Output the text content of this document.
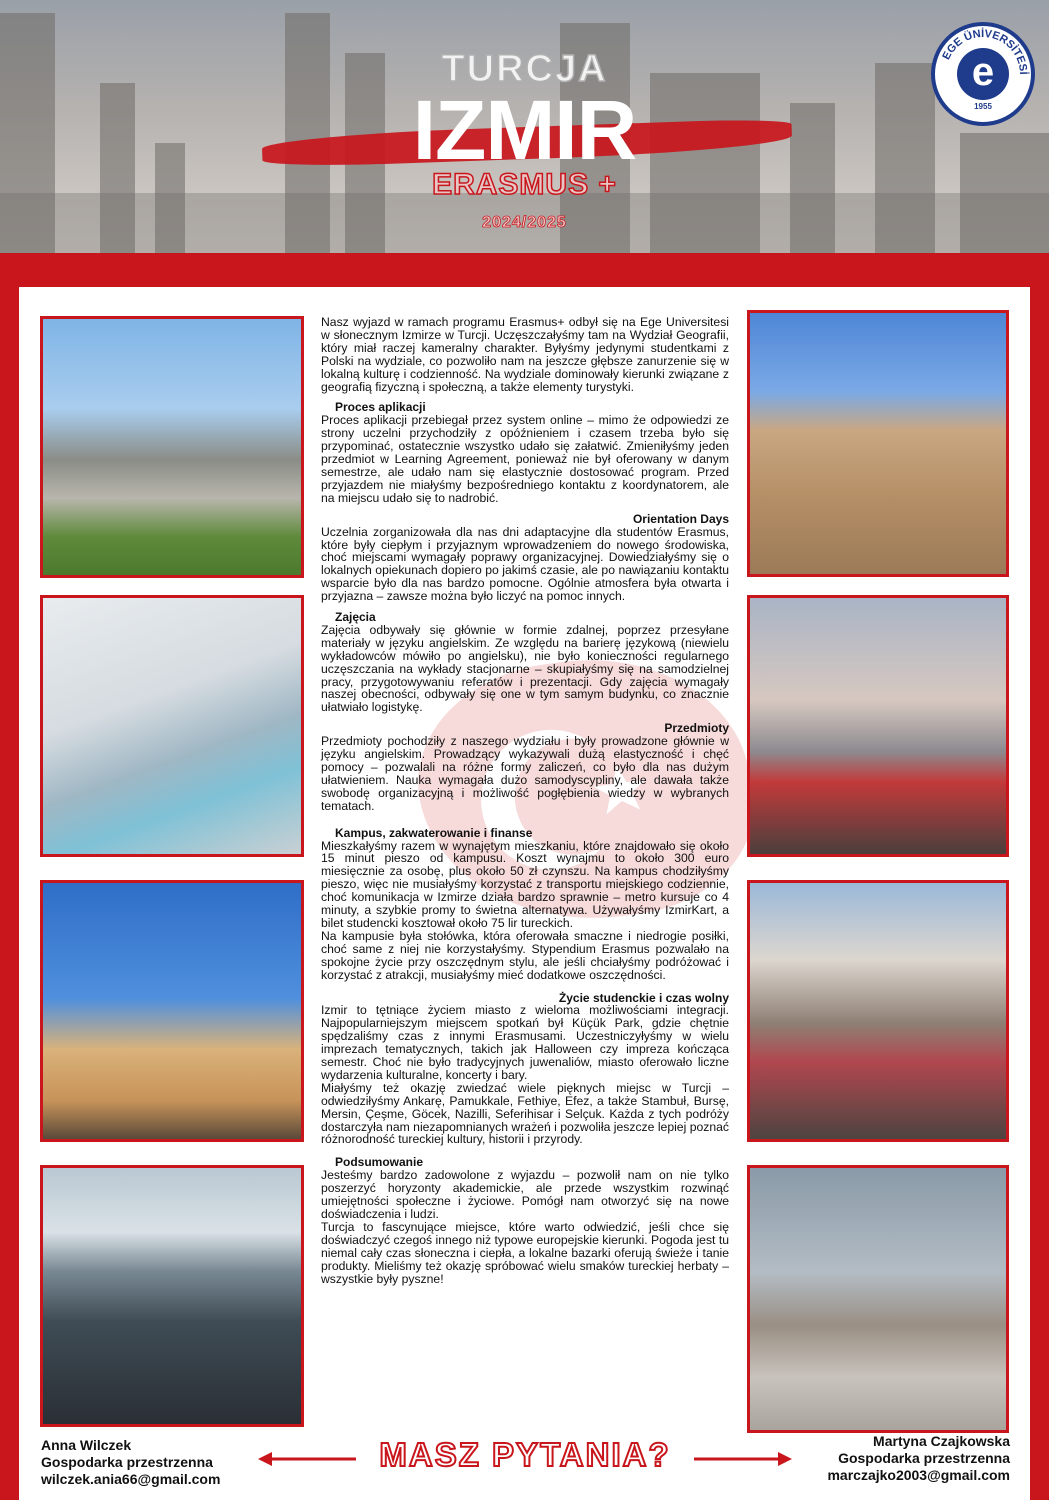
TURCJA
IZMIR
ERASMUS +
2024/2025
EGE ÜNİVERSİTESİ
e
1955

Nasz wyjazd w ramach programu Erasmus+ odbył się na Ege Universitesi w słonecznym Izmirze w Turcji. Uczęszczałyśmy tam na Wydział Geografii, który miał raczej kameralny charakter. Byłyśmy jedynymi studentkami z Polski na wydziale, co pozwoliło nam na jeszcze głębsze zanurzenie się w lokalną kulturę i codzienność. Na wydziale dominowały kierunki związane z geografią fizyczną i społeczną, a także elementy turystyki.

Proces aplikacji

Proces aplikacji przebiegał przez system online – mimo że odpowiedzi ze strony uczelni przychodziły z opóźnieniem i czasem trzeba było się przypominać, ostatecznie wszystko udało się załatwić. Zmieniłyśmy jeden przedmiot w Learning Agreement, ponieważ nie był oferowany w danym semestrze, ale udało nam się elastycznie dostosować program. Przed przyjazdem nie miałyśmy bezpośredniego kontaktu z koordynatorem, ale na miejscu udało się to nadrobić.

Orientation Days

Uczelnia zorganizowała dla nas dni adaptacyjne dla studentów Erasmus, które były ciepłym i przyjaznym wprowadzeniem do nowego środowiska, choć miejscami wymagały poprawy organizacyjnej. Dowiedziałyśmy się o lokalnych opiekunach dopiero po jakimś czasie, ale po nawiązaniu kontaktu wsparcie było dla nas bardzo pomocne. Ogólnie atmosfera była otwarta i przyjazna – zawsze można było liczyć na pomoc innych.

Zajęcia

Zajęcia odbywały się głównie w formie zdalnej, poprzez przesyłane materiały w języku angielskim. Ze względu na barierę językową (niewielu wykładowców mówiło po angielsku), nie było konieczności regularnego uczęszczania na wykłady stacjonarne – skupiałyśmy się na samodzielnej pracy, przygotowywaniu referatów i prezentacji. Gdy zajęcia wymagały naszej obecności, odbywały się one w tym samym budynku, co znacznie ułatwiało logistykę.

Przedmioty

Przedmioty pochodziły z naszego wydziału i były prowadzone głównie w języku angielskim. Prowadzący wykazywali dużą elastyczność i chęć pomocy – pozwalali na różne formy zaliczeń, co było dla nas dużym ułatwieniem. Nauka wymagała dużo samodyscypliny, ale dawała także swobodę organizacyjną i możliwość pogłębienia wiedzy w wybranych tematach.

Kampus, zakwaterowanie i finanse

Mieszkałyśmy razem w wynajętym mieszkaniu, które znajdowało się około 15 minut pieszo od kampusu. Koszt wynajmu to około 300 euro miesięcznie za osobę, plus około 50 zł czynszu. Na kampus chodziłyśmy pieszo, więc nie musiałyśmy korzystać z transportu miejskiego codziennie, choć komunikacja w Izmirze działa bardzo sprawnie – metro kursuje co 4 minuty, a szybkie promy to świetna alternatywa. Używałyśmy IzmirKart, a bilet studencki kosztował około 75 lir tureckich.

Na kampusie była stołówka, która oferowała smaczne i niedrogie posiłki, choć same z niej nie korzystałyśmy. Stypendium Erasmus pozwalało na spokojne życie przy oszczędnym stylu, ale jeśli chciałyśmy podróżować i korzystać z atrakcji, musiałyśmy mieć dodatkowe oszczędności.

Życie studenckie i czas wolny

Izmir to tętniące życiem miasto z wieloma możliwościami integracji. Najpopularniejszym miejscem spotkań był Küçük Park, gdzie chętnie spędzaliśmy czas z innymi Erasmusami. Uczestniczyłyśmy w wielu imprezach tematycznych, takich jak Halloween czy impreza kończąca semestr. Choć nie było tradycyjnych juwenaliów, miasto oferowało liczne wydarzenia kulturalne, koncerty i bary.

Miałyśmy też okazję zwiedzać wiele pięknych miejsc w Turcji – odwiedziłyśmy Ankarę, Pamukkale, Fethiye, Efez, a także Stambuł, Bursę, Mersin, Çeşme, Göcek, Nazilli, Seferihisar i Selçuk. Każda z tych podróży dostarczyła nam niezapomnianych wrażeń i pozwoliła jeszcze lepiej poznać różnorodność tureckiej kultury, historii i przyrody.

Podsumowanie

Jesteśmy bardzo zadowolone z wyjazdu – pozwolił nam on nie tylko poszerzyć horyzonty akademickie, ale przede wszystkim rozwinąć umiejętności społeczne i życiowe. Pomógł nam otworzyć się na nowe doświadczenia i ludzi.

Turcja to fascynujące miejsce, które warto odwiedzić, jeśli chce się doświadczyć czegoś innego niż typowe europejskie kierunki. Pogoda jest tu niemal cały czas słoneczna i ciepła, a lokalne bazarki oferują świeże i tanie produkty. Mieliśmy też okazję spróbować wielu smaków tureckiej herbaty – wszystkie były pyszne!

Anna Wilczek
Gospodarka przestrzenna
wilczek.ania66@gmail.com
MASZ PYTANIA?	Martyna Czajkowska
Gospodarka przestrzenna
marczajko2003@gmail.com
